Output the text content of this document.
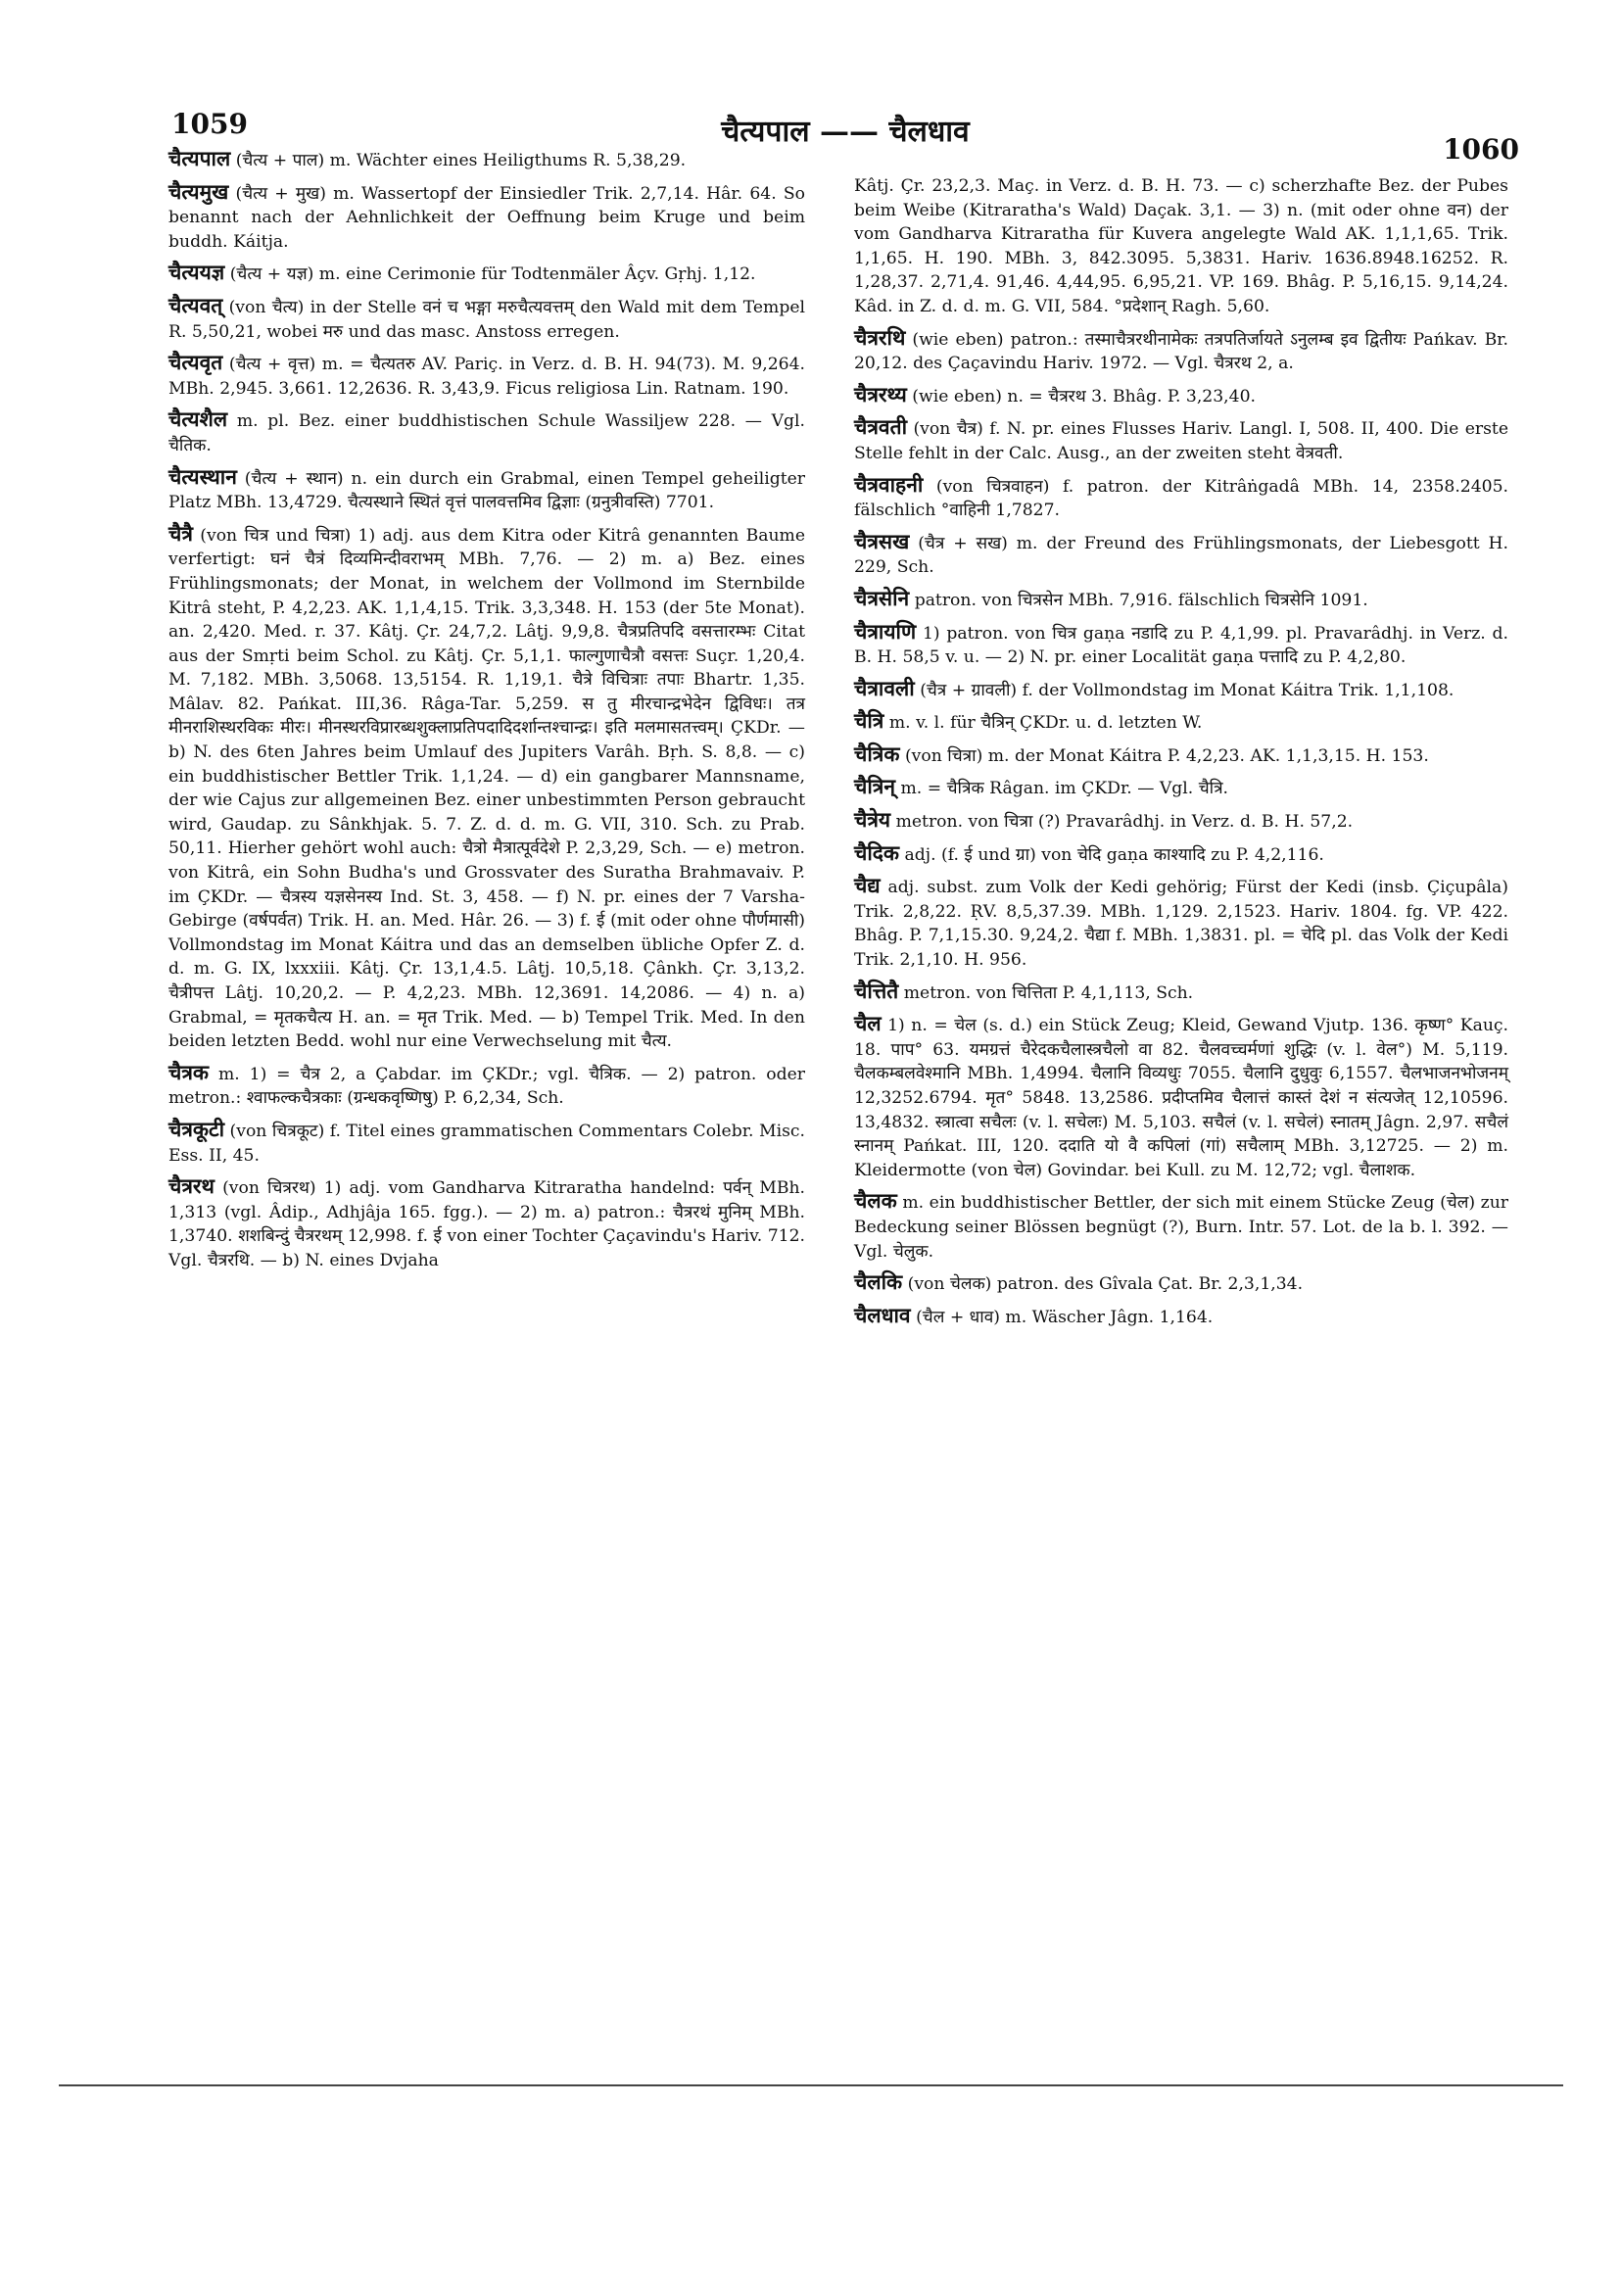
1059	चैत्यपाल —— चैलधाव
1060

चैत्यपाल (चैत्य + पाल) m. Wächter eines Heiligthums R. 5,38,29.

चैत्यमुख (चैत्य + मुख) m. Wassertopf der Einsiedler Trik. 2,7,14. Hâr. 64. So benannt nach der Aehnlichkeit der Oeffnung beim Kruge und beim buddh. Káitja.

चैत्ययज्ञ (चैत्य + यज्ञ) m. eine Cerimonie für Todtenmäler Âçv. Gṛhj. 1,12.

चैत्यवत् (von चैत्य) in der Stelle वनं च भङ्गा मरुचैत्यवत्तम् den Wald mit dem Tempel R. 5,50,21, wobei मरु und das masc. Anstoss erregen.

चैत्यवृत (चैत्य + वृत्त) m. = चैत्यतरु AV. Pariç. in Verz. d. B. H. 94(73). M. 9,264. MBh. 2,945. 3,661. 12,2636. R. 3,43,9. Ficus religiosa Lin. Ratnam. 190.

चैत्यशैल m. pl. Bez. einer buddhistischen Schule Wassiljew 228. — Vgl. चैतिक.

चैत्यस्थान (चैत्य + स्थान) n. ein durch ein Grabmal, einen Tempel geheiligter Platz MBh. 13,4729. चैत्यस्थाने स्थितं वृत्तं पालवत्तमिव द्विज्ञाः (ग्रनुत्रीवस्ति) 7701.

चैत्रै (von चित्र und चित्रा) 1) adj. aus dem Kitra oder Kitrâ genannten Baume verfertigt: घनं चैत्रं दिव्यमिन्दीवराभम् MBh. 7,76. — 2) m. a) Bez. eines Frühlingsmonats; der Monat, in welchem der Vollmond im Sternbilde Kitrâ steht, P. 4,2,23. AK. 1,1,4,15. Trik. 3,3,348. H. 153 (der 5te Monat). an. 2,420. Med. r. 37. Kâtj. Çr. 24,7,2. Lâṭj. 9,9,8. चैत्रप्रतिपदि वसत्तारम्भः Citat aus der Smṛti beim Schol. zu Kâtj. Çr. 5,1,1. फाल्गुणाचैत्रौ वसत्तः Suçr. 1,20,4. M. 7,182. MBh. 3,5068. 13,5154. R. 1,19,1. चैत्रे विचित्राः तपाः Bhartr. 1,35. Mâlav. 82. Pańkat. III,36. Râga-Tar. 5,259. स तु मीरचान्द्रभेदेन द्विविधः। तत्र मीनराशिस्थरविकः मीरः। मीनस्थरविप्रारब्धशुक्लाप्रतिपदादिदर्शान्तश्चान्द्रः। इति मलमासतत्त्वम्। ÇKDr. — b) N. des 6ten Jahres beim Umlauf des Jupiters Varâh. Bṛh. S. 8,8. — c) ein buddhistischer Bettler Trik. 1,1,24. — d) ein gangbarer Mannsname, der wie Cajus zur allgemeinen Bez. einer unbestimmten Person gebraucht wird, Gaudap. zu Sânkhjak. 5. 7. Z. d. d. m. G. VII, 310. Sch. zu Prab. 50,11. Hierher gehört wohl auch: चैत्रो मैत्रात्पूर्वदेशे P. 2,3,29, Sch. — e) metron. von Kitrâ, ein Sohn Budha's und Grossvater des Suratha Brahmavaiv. P. im ÇKDr. — चैत्रस्य यज्ञसेनस्य Ind. St. 3, 458. — f) N. pr. eines der 7 Varsha-Gebirge (वर्षपर्वत) Trik. H. an. Med. Hâr. 26. — 3) f. ई (mit oder ohne पौर्णमासी) Vollmondstag im Monat Káitra und das an demselben übliche Opfer Z. d. d. m. G. IX, lxxxiii. Kâtj. Çr. 13,1,4.5. Lâṭj. 10,5,18. Çânkh. Çr. 3,13,2. चैत्रीपत्त Lâṭj. 10,20,2. — P. 4,2,23. MBh. 12,3691. 14,2086. — 4) n. a) Grabmal, = मृतकचैत्य H. an. = मृत Trik. Med. — b) Tempel Trik. Med. In den beiden letzten Bedd. wohl nur eine Verwechselung mit चैत्य.

चैत्रक m. 1) = चैत्र 2, a Çabdar. im ÇKDr.; vgl. चैत्रिक. — 2) patron. oder metron.: श्वाफल्कचैत्रकाः (ग्रन्धकवृष्णिषु) P. 6,2,34, Sch.

चैत्रकूटी (von चित्रकूट) f. Titel eines grammatischen Commentars Colebr. Misc. Ess. II, 45.

चैत्ररथ (von चित्ररथ) 1) adj. vom Gandharva Kitraratha handelnd: पर्वन् MBh. 1,313 (vgl. Âdip., Adhjâja 165. fgg.). — 2) m. a) patron.: चैत्ररथं मुनिम् MBh. 1,3740. शशबिन्दुं चैत्ररथम् 12,998. f. ई von einer Tochter Çaçavindu's Hariv. 712. Vgl. चैत्ररथि. — b) N. eines Dvjaha

Kâtj. Çr. 23,2,3. Maç. in Verz. d. B. H. 73. — c) scherzhafte Bez. der Pubes beim Weibe (Kitraratha's Wald) Daçak. 3,1. — 3) n. (mit oder ohne वन) der vom Gandharva Kitraratha für Kuvera angelegte Wald AK. 1,1,1,65. Trik. 1,1,65. H. 190. MBh. 3, 842.3095. 5,3831. Hariv. 1636.8948.16252. R. 1,28,37. 2,71,4. 91,46. 4,44,95. 6,95,21. VP. 169. Bhâg. P. 5,16,15. 9,14,24. Kâd. in Z. d. d. m. G. VII, 584. °प्रदेशान् Ragh. 5,60.

चैत्ररथि (wie eben) patron.: तस्माचैत्ररथीनामेकः तत्रपतिर्जायते ऽनुलम्ब इव द्वितीयः Pańkav. Br. 20,12. des Çaçavindu Hariv. 1972. — Vgl. चैत्ररथ 2, a.

चैत्ररथ्य (wie eben) n. = चैत्ररथ 3. Bhâg. P. 3,23,40.

चैत्रवती (von चैत्र) f. N. pr. eines Flusses Hariv. Langl. I, 508. II, 400. Die erste Stelle fehlt in der Calc. Ausg., an der zweiten steht वेत्रवती.

चैत्रवाहनी (von चित्रवाहन) f. patron. der Kitrâṅgadâ MBh. 14, 2358.2405. fälschlich °वाहिनी 1,7827.

चैत्रसख (चैत्र + सख) m. der Freund des Frühlingsmonats, der Liebesgott H. 229, Sch.

चैत्रसेनि patron. von चित्रसेन MBh. 7,916. fälschlich चित्रसेनि 1091.

चैत्रायणि 1) patron. von चित्र gaṇa नडादि zu P. 4,1,99. pl. Pravarâdhj. in Verz. d. B. H. 58,5 v. u. — 2) N. pr. einer Localität gaṇa पत्तादि zu P. 4,2,80.

चैत्रावली (चैत्र + ग्रावली) f. der Vollmondstag im Monat Káitra Trik. 1,1,108.

चैत्रि m. v. l. für चैत्रिन् ÇKDr. u. d. letzten W.

चैत्रिक (von चित्रा) m. der Monat Káitra P. 4,2,23. AK. 1,1,3,15. H. 153.

चैत्रिन् m. = चैत्रिक Râgan. im ÇKDr. — Vgl. चैत्रि.

चैत्रेय metron. von चित्रा (?) Pravarâdhj. in Verz. d. B. H. 57,2.

चैदिक adj. (f. ई und ग्रा) von चेदि gaṇa काश्यादि zu P. 4,2,116.

चैद्य adj. subst. zum Volk der Kedi gehörig; Fürst der Kedi (insb. Çiçupâla) Trik. 2,8,22. ṚV. 8,5,37.39. MBh. 1,129. 2,1523. Hariv. 1804. fg. VP. 422. Bhâg. P. 7,1,15.30. 9,24,2. चैद्या f. MBh. 1,3831. pl. = चेदि pl. das Volk der Kedi Trik. 2,1,10. H. 956.

चैत्तितै metron. von चित्तिता P. 4,1,113, Sch.

चैल 1) n. = चेल (s. d.) ein Stück Zeug; Kleid, Gewand Vjutp. 136. कृष्ण° Kauç. 18. पाप° 63. यमग्रत्तं चैरेदकचैलास्त्रचैलो वा 82. चैलवच्चर्मणां शुद्धिः (v. l. वेल°) M. 5,119. चैलकम्बलवेश्मानि MBh. 1,4994. चैलानि विव्यधुः 7055. चैलानि दुधुवुः 6,1557. चैलभाजनभोजनम् 12,3252.6794. मृत° 5848. 13,2586. प्रदीप्तमिव चैलात्तं कास्तं देशं न संत्यजेत् 12,10596. 13,4832. स्त्रात्वा सचैलः (v. l. सचेलः) M. 5,103. सचैलं (v. l. सचेलं) स्नातम् Jâgn. 2,97. सचैलं स्नानम् Pańkat. III, 120. ददाति यो वै कपिलां (गां) सचैलाम् MBh. 3,12725. — 2) m. Kleidermotte (von चेल) Govindar. bei Kull. zu M. 12,72; vgl. चैलाशक.

चैलक m. ein buddhistischer Bettler, der sich mit einem Stücke Zeug (चेल) zur Bedeckung seiner Blössen begnügt (?), Burn. Intr. 57. Lot. de la b. l. 392. — Vgl. चेलुक.

चैलकि (von चेलक) patron. des Gîvala Çat. Br. 2,3,1,34.

चैलधाव (चैल + धाव) m. Wäscher Jâgn. 1,164.
